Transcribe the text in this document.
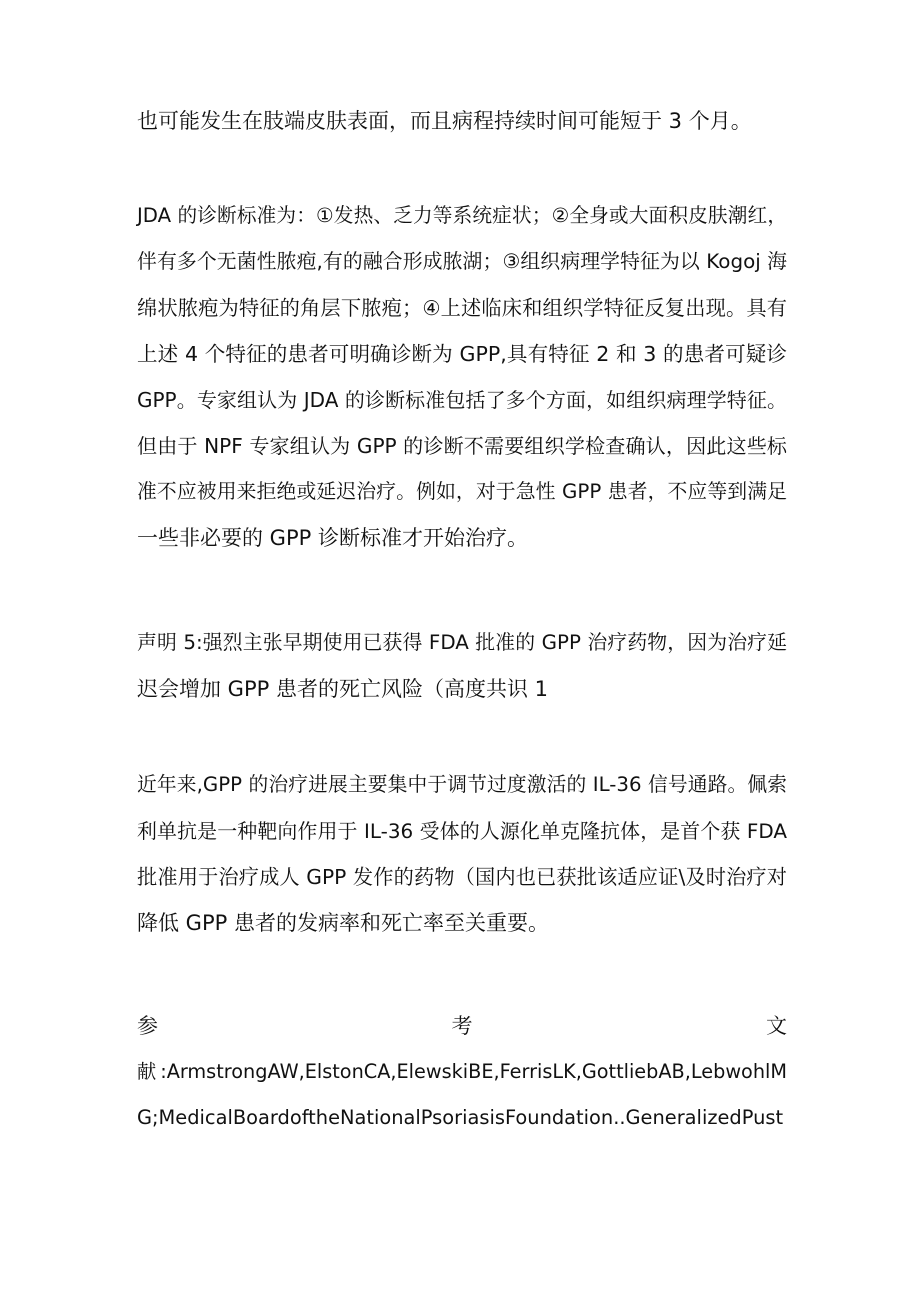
也可能发生在肢端皮肤表面，而且病程持续时间可能短于 3 个月。
JDA 的诊断标准为：①发热、乏力等系统症状；②全身或大面积皮肤潮红，
伴有多个无菌性脓疱,有的融合形成脓湖；③组织病理学特征为以 Kogoj 海
绵状脓疱为特征的角层下脓疱；④上述临床和组织学特征反复出现。具有
上述 4 个特征的患者可明确诊断为 GPP,具有特征 2 和 3 的患者可疑诊
GPP。专家组认为 JDA 的诊断标准包括了多个方面，如组织病理学特征。
但由于 NPF 专家组认为 GPP 的诊断不需要组织学检查确认，因此这些标
准不应被用来拒绝或延迟治疗。例如，对于急性 GPP 患者，不应等到满足
一些非必要的 GPP 诊断标准才开始治疗。
声明 5:强烈主张早期使用已获得 FDA 批准的 GPP 治疗药物，因为治疗延
迟会增加 GPP 患者的死亡风险（高度共识 1
近年来,GPP 的治疗进展主要集中于调节过度激活的 IL-36 信号通路。佩索
利单抗是一种靶向作用于 IL-36 受体的人源化单克隆抗体，是首个获 FDA
批准用于治疗成人 GPP 发作的药物（国内也已获批该适应证\及时治疗对
降低 GPP 患者的发病率和死亡率至关重要。
参	考	文
献:ArmstrongAW,ElstonCA,ElewskiBE,FerrisLK,GottliebAB,LebwohlM
G;MedicalBoardoftheNationalPsoriasisFoundation..GeneralizedPust
